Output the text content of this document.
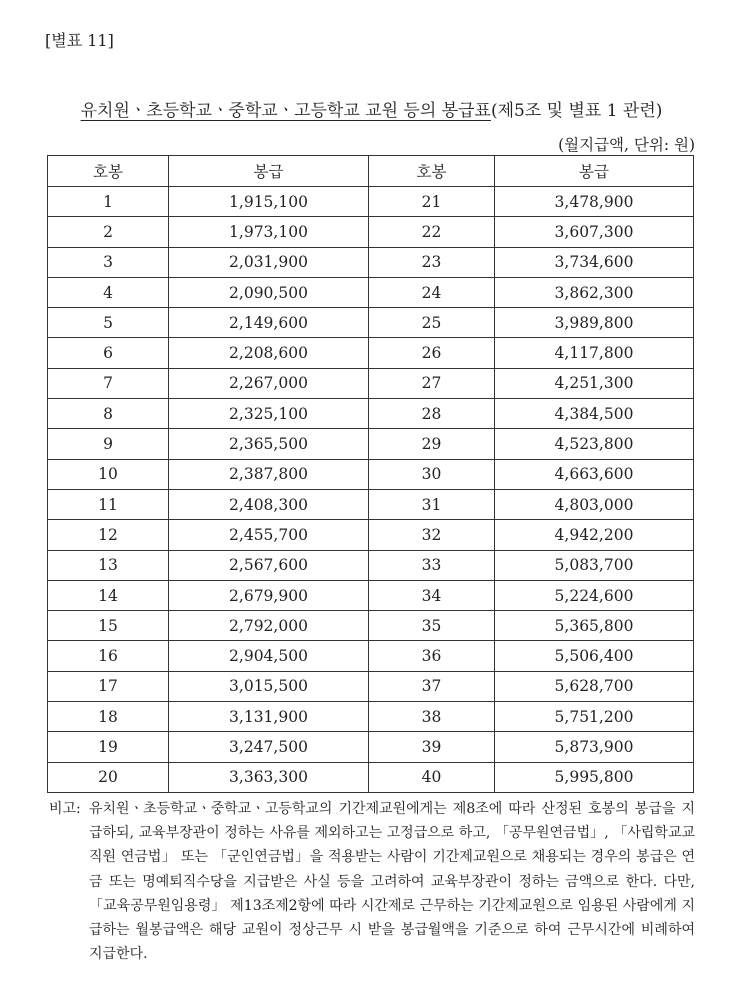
[별표 11]
유치원ㆍ초등학교ㆍ중학교ㆍ고등학교 교원 등의 봉급표(제5조 및 별표 1 관련)
(월지급액, 단위: 원)
호봉	봉급	호봉	봉급
1	1,915,100	21	3,478,900
2	1,973,100	22	3,607,300
3	2,031,900	23	3,734,600
4	2,090,500	24	3,862,300
5	2,149,600	25	3,989,800
6	2,208,600	26	4,117,800
7	2,267,000	27	4,251,300
8	2,325,100	28	4,384,500
9	2,365,500	29	4,523,800
10	2,387,800	30	4,663,600
11	2,408,300	31	4,803,000
12	2,455,700	32	4,942,200
13	2,567,600	33	5,083,700
14	2,679,900	34	5,224,600
15	2,792,000	35	5,365,800
16	2,904,500	36	5,506,400
17	3,015,500	37	5,628,700
18	3,131,900	38	5,751,200
19	3,247,500	39	5,873,900
20	3,363,300	40	5,995,800
비고: 유치원ㆍ초등학교ㆍ중학교ㆍ고등학교의 기간제교원에게는 제8조에 따라 산정된 호봉의 봉급을 지급하되, 교육부장관이 정하는 사유를 제외하고는 고정급으로 하고, 「공무원연금법」, 「사립학교교직원 연금법」 또는 「군인연금법」을 적용받는 사람이 기간제교원으로 채용되는 경우의 봉급은 연금 또는 명예퇴직수당을 지급받은 사실 등을 고려하여 교육부장관이 정하는 금액으로 한다. 다만, 「교육공무원임용령」 제13조제2항에 따라 시간제로 근무하는 기간제교원으로 임용된 사람에게 지급하는 월봉급액은 해당 교원이 정상근무 시 받을 봉급월액을 기준으로 하여 근무시간에 비례하여 지급한다.
